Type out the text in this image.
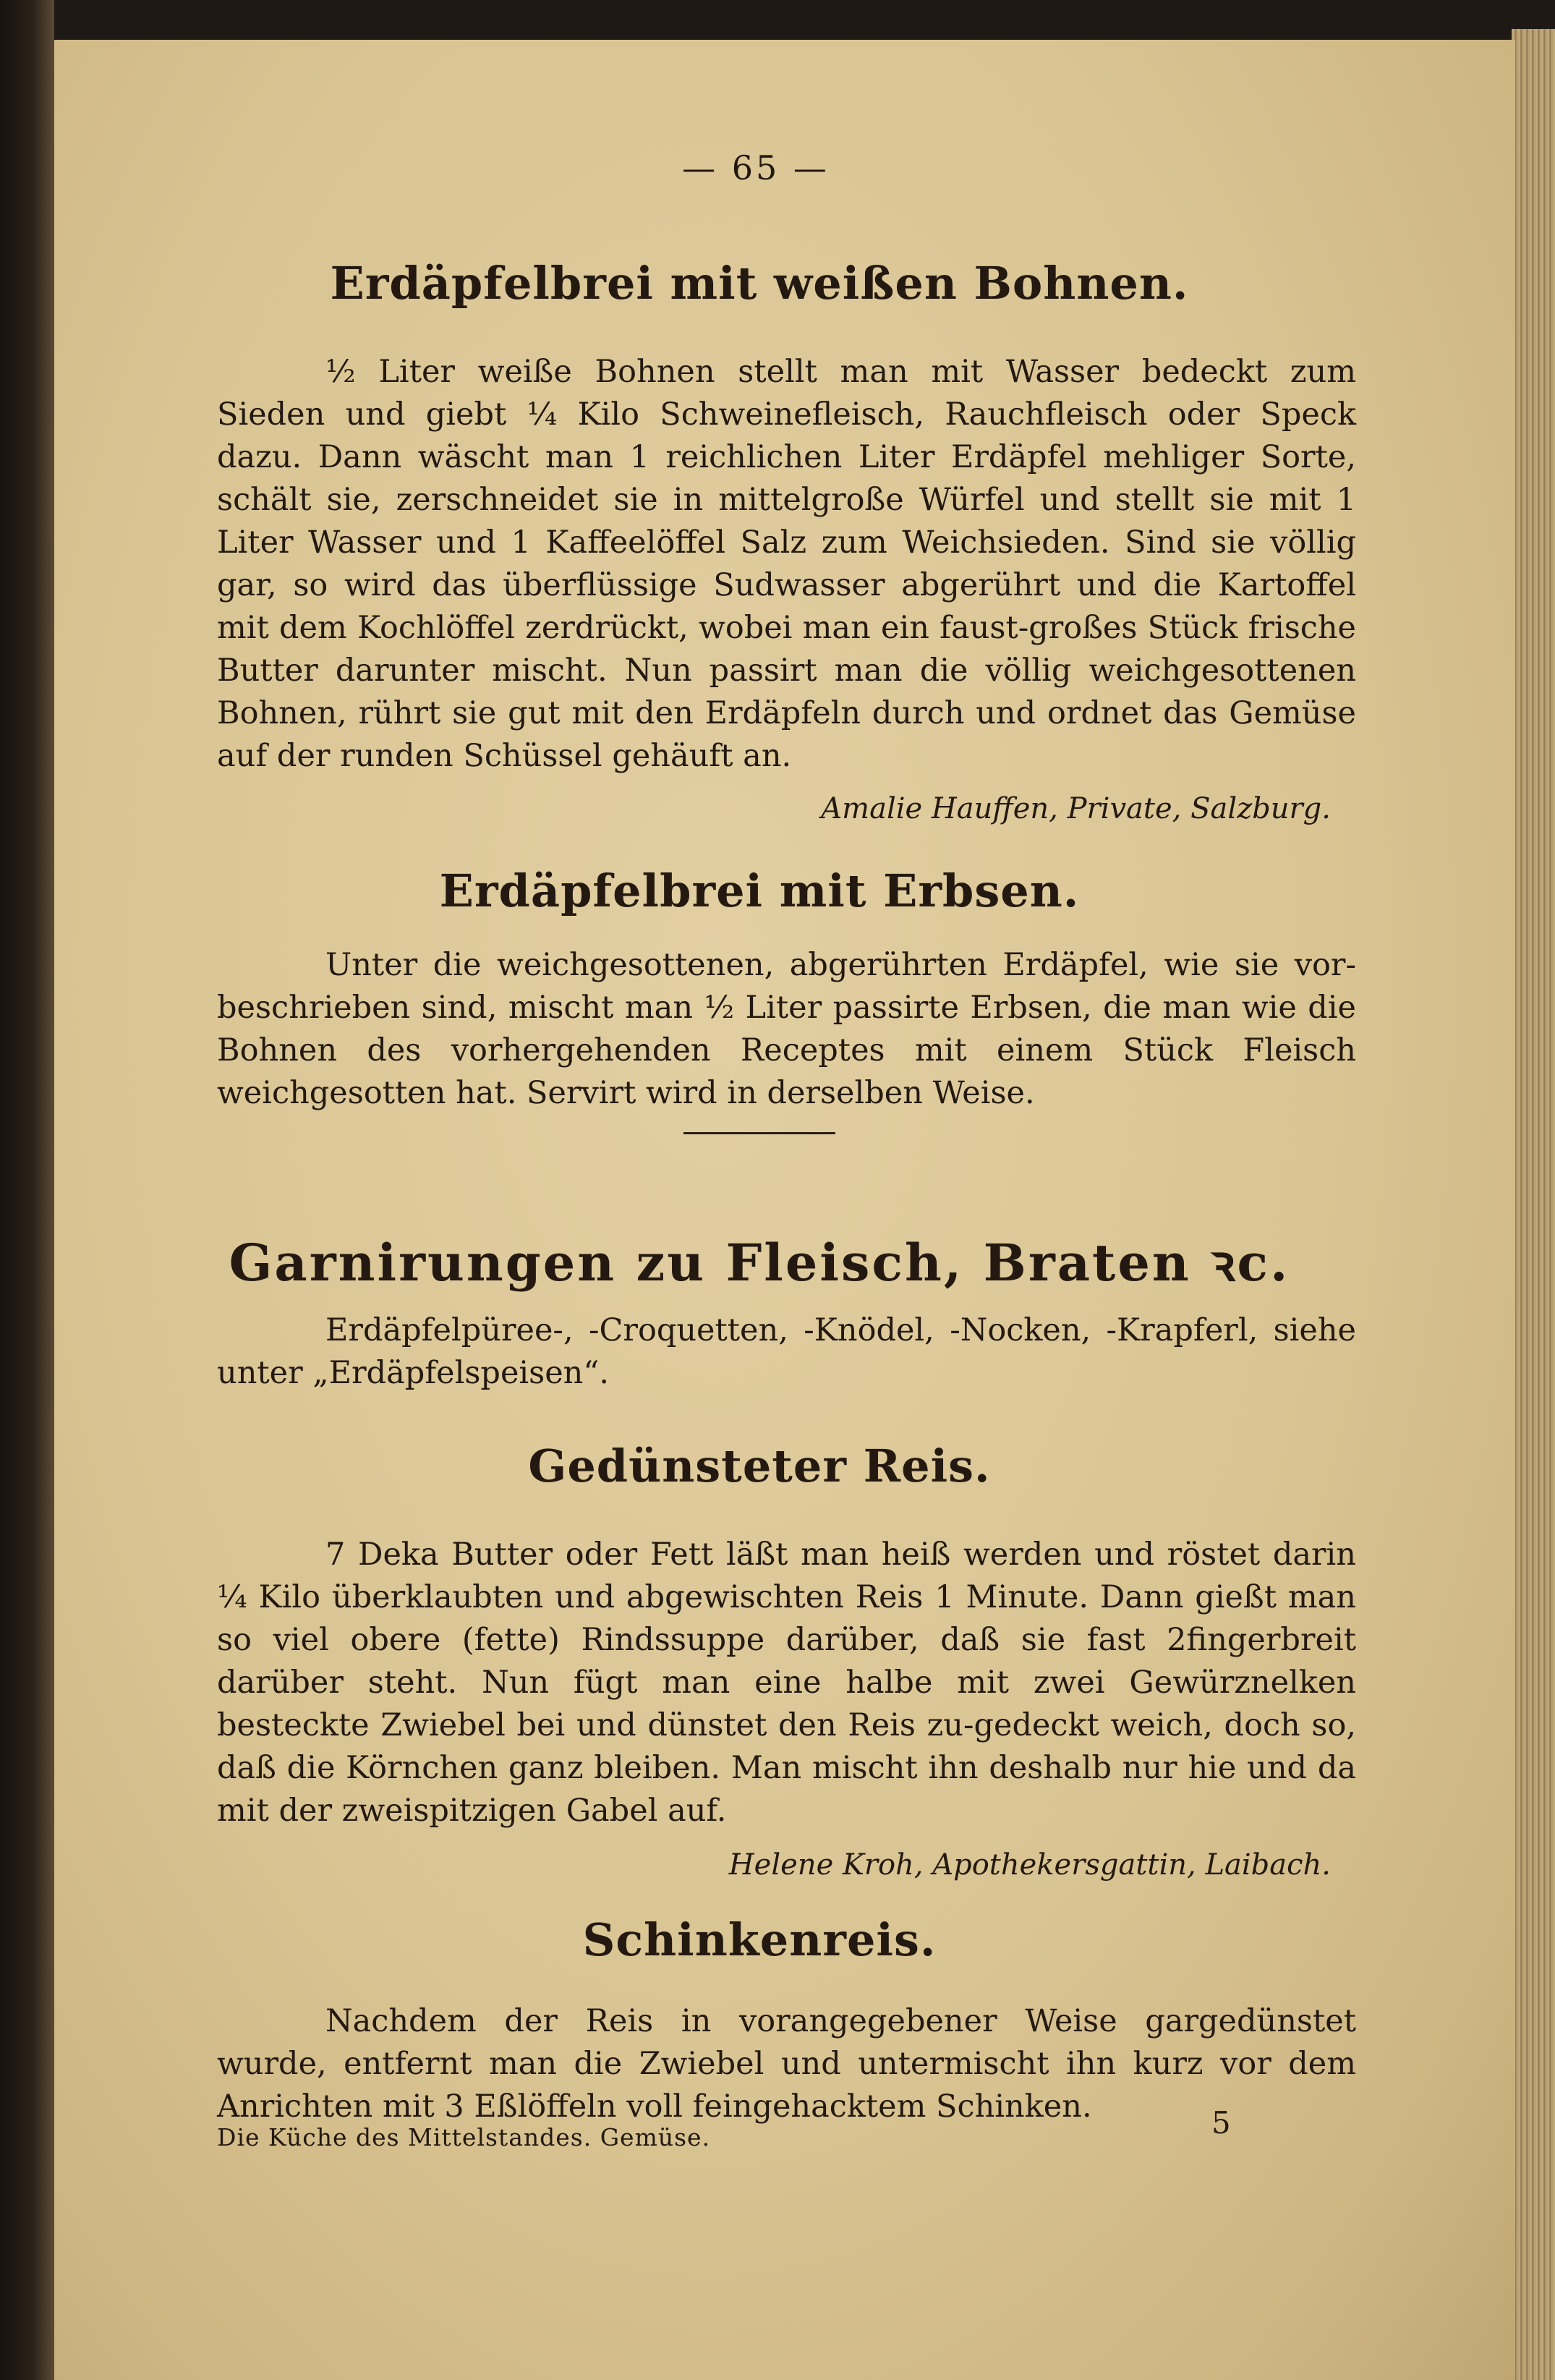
— 65 —
Erdäpfelbrei mit weißen Bohnen.
½ Liter weiße Bohnen stellt man mit Wasser bedeckt zum Sieden und giebt ¼ Kilo Schweinefleisch, Rauchfleisch oder Speck dazu. Dann wäscht man 1 reichlichen Liter Erdäpfel mehliger Sorte, schält sie, zerschneidet sie in mittelgroße Würfel und stellt sie mit 1 Liter Wasser und 1 Kaffeelöffel Salz zum Weichsieden. Sind sie völlig gar, so wird das überflüssige Sudwasser abgerührt und die Kartoffel mit dem Kochlöffel zerdrückt, wobei man ein faust-großes Stück frische Butter darunter mischt. Nun passirt man die völlig weichgesottenen Bohnen, rührt sie gut mit den Erdäpfeln durch und ordnet das Gemüse auf der runden Schüssel gehäuft an.
Amalie Hauffen, Private, Salzburg.
Erdäpfelbrei mit Erbsen.
Unter die weichgesottenen, abgerührten Erdäpfel, wie sie vor-beschrieben sind, mischt man ½ Liter passirte Erbsen, die man wie die Bohnen des vorhergehenden Receptes mit einem Stück Fleisch weichgesotten hat. Servirt wird in derselben Weise.
Garnirungen zu Fleisch, Braten ꝛc.
Erdäpfelpüree-, -Croquetten, -Knödel, -Nocken, -Krapferl, siehe unter „Erdäpfelspeisen“.
Gedünsteter Reis.
7 Deka Butter oder Fett läßt man heiß werden und röstet darin ¼ Kilo überklaubten und abgewischten Reis 1 Minute. Dann gießt man so viel obere (fette) Rindssuppe darüber, daß sie fast 2fingerbreit darüber steht. Nun fügt man eine halbe mit zwei Gewürznelken besteckte Zwiebel bei und dünstet den Reis zu-gedeckt weich, doch so, daß die Körnchen ganz bleiben. Man mischt ihn deshalb nur hie und da mit der zweispitzigen Gabel auf.
Helene Kroh, Apothekersgattin, Laibach.
Schinkenreis.
Nachdem der Reis in vorangegebener Weise gargedünstet wurde, entfernt man die Zwiebel und untermischt ihn kurz vor dem Anrichten mit 3 Eßlöffeln voll feingehacktem Schinken.
Die Küche des Mittelstandes. Gemüse.	5
